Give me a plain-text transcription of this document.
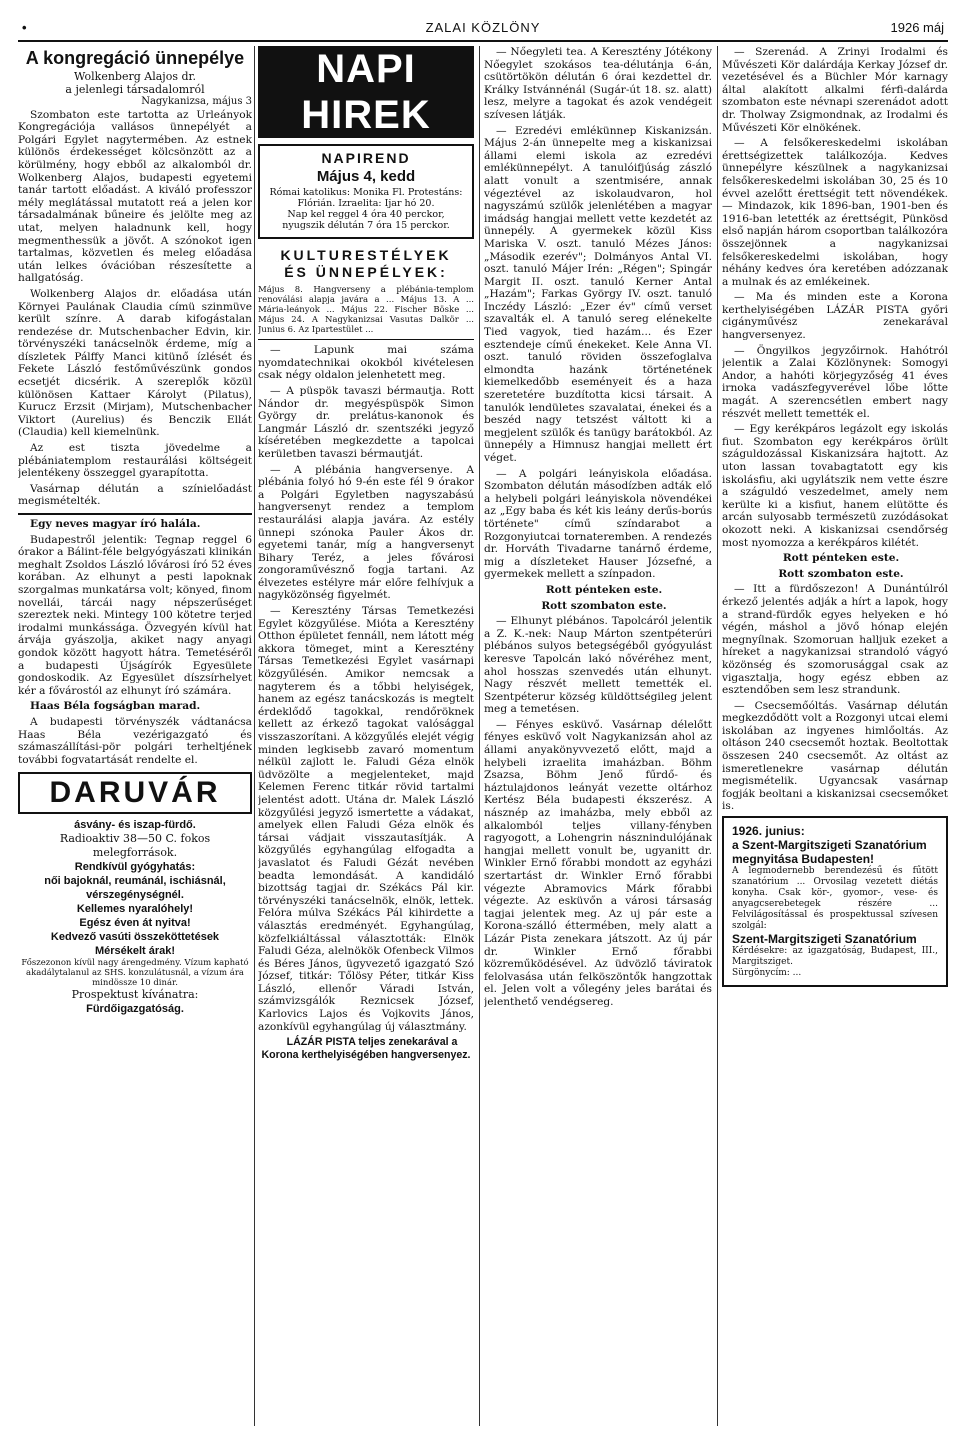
•	ZALAI KÖZLÖNY	1926 máj
A kongregáció ünnepélye
Wolkenberg Alajos dr.
a jelenlegi társadalomról
Nagykanizsa, május 3

Szombaton este tartotta az Urleányok Kongregációja vallásos ünnepélyét a Polgári Egylet nagytermében. Az estnek különös érdekességet kölcsönzött az a körülmény, hogy ebből az alkalomból dr. Wolkenberg Alajos, budapesti egyetemi tanár tartott előadást. A kiváló professzor mély meglátással mutatott reá a jelen kor társadalmának bűneire és jelölte meg az utat, melyen haladnunk kell, hogy megmenthessük a jövőt. A szónokot igen tartalmas, közvetlen és meleg előadása után lelkes óvációban részesítette a hallgatóság.

Wolkenberg Alajos dr. előadása után Környei Paulának Claudia címü szinmüve került színre. A darab kifogástalan rendezése dr. Mutschenbacher Edvin, kir. törvényszéki tanácselnök érdeme, míg a díszletek Pálffy Manci kitünő ízlését és Fekete László festőművészünk gondos ecsetjét dicsérik. A szereplők közül különösen Kattaer Károlyt (Pilatus), Kurucz Erzsit (Mirjam), Mutschenbacher Viktort (Aurelius) és Benczik Ellát (Claudia) kell kiemelnünk.

Az est tiszta jövedelme a plébániatemplom restaurálási költségeit jelentékeny összeggel gyarapította.

Vasárnap délután a színielőadást megismételték.

Egy neves magyar író halála.

Budapestről jelentik: Tegnap reggel 6 órakor a Bálint-féle belgyógyászati klinikán meghalt Zsoldos László lővárosi író 52 éves korában. Az elhunyt a pesti lapoknak szorgalmas munkatársa volt; könyed, finom novellái, tárcái nagy népszerűséget szereztek neki. Mintegy 100 kötetre terjed irodalmi munkássága. Özvegyén kívül hat árvája gyászolja, akiket nagy anyagi gondok között hagyott hátra. Temetéséről a budapesti Újságírók Egyesülete gondoskodik. Az Egyesület díszsírhelyet kér a fővárostól az elhunyt író számára.

Haas Béla fogságban marad.

A budapesti törvényszék vádtanácsa Haas Béla vezérigazgató és számaszállítási-pör polgári terheltjének további fogvatartását rendelte el.

DARUVÁR
ásvány- és iszap-fürdő.
Radioaktiv 38—50 C. fokos melegforrások.
Rendkívül gyógyhatás:
női bajoknál, reumánál, ischiásnál, vérszegénységnél.
Kellemes nyaralóhely!
Egész éven át nyitva!
Kedvező vasúti összeköttetések
Mérsékelt árak!
Főszezonon kívül nagy árengedmény. Vízum kapható akadálytalanul az SHS. konzulátusnál, a vízum ára mindössze 10 dinár.
Prospektust kívánatra:
Fürdőigazgatóság.
NAPI HIREK
NAPIREND
Május 4, kedd
Római katolikus: Monika Fl. Protestáns: Flórián. Izraelita: Ijar hó 20.
Nap kel reggel 4 óra 40 perckor, nyugszik délután 7 óra 15 perckor.
KULTURESTÉLYEK
ÉS ÜNNEPÉLYEK:

Május 8. Hangverseny a plébánia-templom renoválási alapja javára a ... Május 13. A ... Mária-leányok ... Május 22. Fischer Böske ... Május 24. A Nagykanizsai Vasutas Dalkör ... Junius 6. Az Ipartestület ...

— Lapunk mai száma nyomdatechnikai okokból kivételesen csak négy oldalon jelenhetett meg.

— A püspök tavaszi bérmautja. Rott Nándor dr. megyéspüspök Simon György dr. prelátus-kanonok és Langmár László dr. szentszéki jegyző kíséretében megkezdette a tapolcai kerületben tavaszi bérmautját.

— A plébánia hangversenye. A plébánia folyó hó 9-én este fél 9 órakor a Polgári Egyletben nagyszabású hangversenyt rendez a templom restaurálási alapja javára. Az estély ünnepi szónoka Pauler Ákos dr. egyetemi tanár, míg a hangversenyt Bihary Teréz, a jeles fővárosi zongoraművésznő fogja tartani. Az élvezetes estélyre már előre felhívjuk a nagyközönség figyelmét.

— Keresztény Társas Temetkezési Egylet közgyűlése. Mióta a Keresztény Otthon épületet fennáll, nem látott még akkora tömeget, mint a Keresztény Társas Temetkezési Egylet vasárnapi közgyűlésén. Amikor nemcsak a nagyterem és a tőbbi helyiségek, hanem az egész tanácskozás is megtelt érdeklődő tagokkal, rendőröknek kellett az érkező tagokat valósággal visszaszorítani. A közgyűlés elejét végig minden legkisebb zavaró momentum nélkül zajlott le. Faludi Géza elnök üdvözölte a megjelenteket, majd Kelemen Ferenc titkár rövid tartalmi jelentést adott. Utána dr. Malek László közgyűlési jegyző ismertette a vádakat, amelyek ellen Faludi Géza elnök és társai vádjait visszautasítják. A közgyűlés egyhangúlag elfogadta a javaslatot és Faludi Gézát nevében beadta lemondását. A kandidáló bizottság tagjai dr. Székács Pál kir. törvényszéki tanácselnök, elnök, lettek. Felóra múlva Székács Pál kihirdette a választás eredményét. Egyhangúlag, közfelkiáltással választották: Elnök Faludi Géza, alelnökök Ofenbeck Vilmos és Béres János, ügyvezető igazgató Szó József, titkár: Tőlösy Péter, titkár Kiss László, ellenőr Váradi István, számvizsgálók Reznicsek József, Karlovics Lajos és Vojkovits János, azonkívül egyhangúlag új választmány.

LÁZÁR PISTA teljes zenekarával a Korona kerthelyiségében hangversenyez.

— Nőegyleti tea. A Keresztény Jótékony Nőegylet szokásos tea-délutánja 6-án, csütörtökön délután 6 órai kezdettel dr. Králky Istvánnénál (Sugár-út 18. sz. alatt) lesz, melyre a tagokat és azok vendégeit szívesen látják.

— Ezredévi emlékünnep Kiskanizsán. Május 2-án ünnepelte meg a kiskanizsai állami elemi iskola az ezredévi emlékünnepélyt. A tanulóifjúság zászló alatt vonult a szentmisére, annak végeztével az iskolaudvaron, hol nagyszámú szülők jelenlétében a magyar imádság hangjai mellett vette kezdetét az ünnepély. A gyermekek közül Kiss Mariska V. oszt. tanuló Mézes János: „Második ezerév"; Dolmányos Antal VI. oszt. tanuló Májer Irén: „Régen"; Spingár Margit II. oszt. tanuló Kerner Antal „Hazám"; Farkas György IV. oszt. tanuló Inczédy László: „Ezer év" című verset szavalták el. A tanuló sereg elénekelte Tied vagyok, tied hazám... és Ezer esztendeje című énekeket. Kele Anna VI. oszt. tanuló röviden összefoglalva elmondta hazánk történetének kiemelkedőbb eseményeit és a haza szeretetére buzdította kicsi társait. A tanulók lendületes szavalatai, énekei és a beszéd nagy tetszést váltott ki a megjelent szülők és tanügy barátokból. Az ünnepély a Himnusz hangjai mellett ért véget.

— A polgári leányiskola előadása. Szombaton délután másodízben adták elő a helybeli polgári leányiskola növendékei az „Egy baba és két kis leány derűs-borús története" című színdarabot a Rozgonyiutcai tornateremben. A rendezés dr. Horváth Tivadarne tanárnő érdeme, mig a díszleteket Hauser Józsefné, a gyermekek mellett a színpadon.

Rott pénteken este.

Rott szombaton este.

— Elhunyt plébános. Tapolcáról jelentik a Z. K.-nek: Naup Márton szentpéterúri plébános sulyos betegségéből gyógyulást keresve Tapolcán lakó nővéréhez ment, ahol hosszas szenvedés után elhunyt. Nagy részvét mellett temették el. Szentpéterur község küldöttségileg jelent meg a temetésen.

— Fényes esküvő. Vasárnap délelőtt fényes esküvő volt Nagykanizsán ahol az állami anyakönyvvezető előtt, majd a helybeli izraelita imaházban. Böhm Zsazsa, Böhm Jenő fűrdő- és háztulajdonos leányát vezette oltárhoz Kertész Béla budapesti ékszerész. A násznép az imaházba, mely ebből az alkalomból teljes villany-fényben ragyogott, a Lohengrin násznindulójának hangjai mellett vonult be, ugyanitt dr. Winkler Ernő főrabbi mondott az egyházi szertartást dr. Winkler Ernő főrabbi végezte Abramovics Márk főrabbi végezte. Az esküvőn a városi társaság tagjai jelentek meg. Az uj pár este a Korona-szálló éttermében, mely alatt a Lázár Pista zenekara játszott. Az új pár dr. Winkler Ernő főrabbi közreműködésével. Az üdvözlő táviratok felolvasása után felköszöntők hangzottak el. Jelen volt a vőlegény jeles barátai és jelenthető vendégsereg.

— Szerenád. A Zrinyi Irodalmi és Művészeti Kör dalárdája Kerkay József dr. vezetésével és a Büchler Mór karnagy által alakított alkalmi férfi-dalárda szombaton este névnapi szerenádot adott dr. Tholway Zsigmondnak, az Irodalmi és Művészeti Kör elnökének.

— A felsőkereskedelmi iskolában érettségizettek találkozója. Kedves ünnepélyre készülnek a nagykanizsai felsőkereskedelmi iskolában 30, 25 és 10 évvel azelőtt érettségit tett növendékek. — Mindazok, kik 1896-ban, 1901-ben és 1916-ban letették az érettségit, Pünkösd első napján három csoportban találkozóra összejönnek a nagykanizsai felsőkereskedelmi iskolában, hogy néhány kedves óra keretében adózzanak a mulnak és az emlékeinek.

— Ma és minden este a Korona kerthelyiségében LÁZÁR PISTA győri cigányművész zenekarával hangversenyez.

— Öngyilkos jegyzőirnok. Hahótról jelentik a Zalai Közlönynek: Somogyi Andor, a hahóti körjegyzőség 41 éves irnoka vadászfegyverével lőbe lőtte magát. A szerencsétlen embert nagy részvét mellett temették el.

— Egy kerékpáros legázolt egy iskolás fiut. Szombaton egy kerékpáros örült száguldozással Kiskanizsára hajtott. Az uton lassan tovabagtatott egy kis iskolásfiu, aki ugylátszik nem vette észre a száguldó veszedelmet, amely nem kerülte ki a kisfiut, hanem elütötte és arcán sulyosabb természetü zuzódásokat okozott neki. A kiskanizsai csendőrség most nyomozza a kerékpáros kilétét.

Rott pénteken este.

Rott szombaton este.

— Itt a fürdőszezon! A Dunántúlról érkező jelentés adják a hírt a lapok, hogy a strand-fürdők egyes helyeken e hó végén, máshol a jövő hónap elején megnyílnak. Szomoruan halljuk ezeket a híreket a nagykanizsai strandoló vágyó közönség és szomorusággal csak az vigasztalja, hogy egész ebben az esztendőben sem lesz strandunk.

— Csecsemőóltás. Vasárnap délután megkezdődött volt a Rozgonyi utcai elemi iskolában az ingyenes himlőoltás. Az oltáson 240 csecsemőt hoztak. Beoltottak összesen 240 csecsemőt. Az oltást az ismeretlenekre vasárnap délután megismételik. Ugyancsak vasárnap fogják beoltani a kiskanizsai csecsemőket is.

1926. junius:
a Szent-Margitszigeti Szanatórium
megnyitása Budapesten!
A legmodernebb berendezésű és fűtött szanatórium ... Orvosilag vezetett diétás konyha. Csak kör-, gyomor-, vese- és anyagcserebetegek részére ... Felvilágosítással és prospektussal szívesen szolgál:
Szent-Margitszigeti Szanatórium
Kérdésekre: az igazgatóság, Budapest, III., Margitsziget.
Sürgönycím: ...
